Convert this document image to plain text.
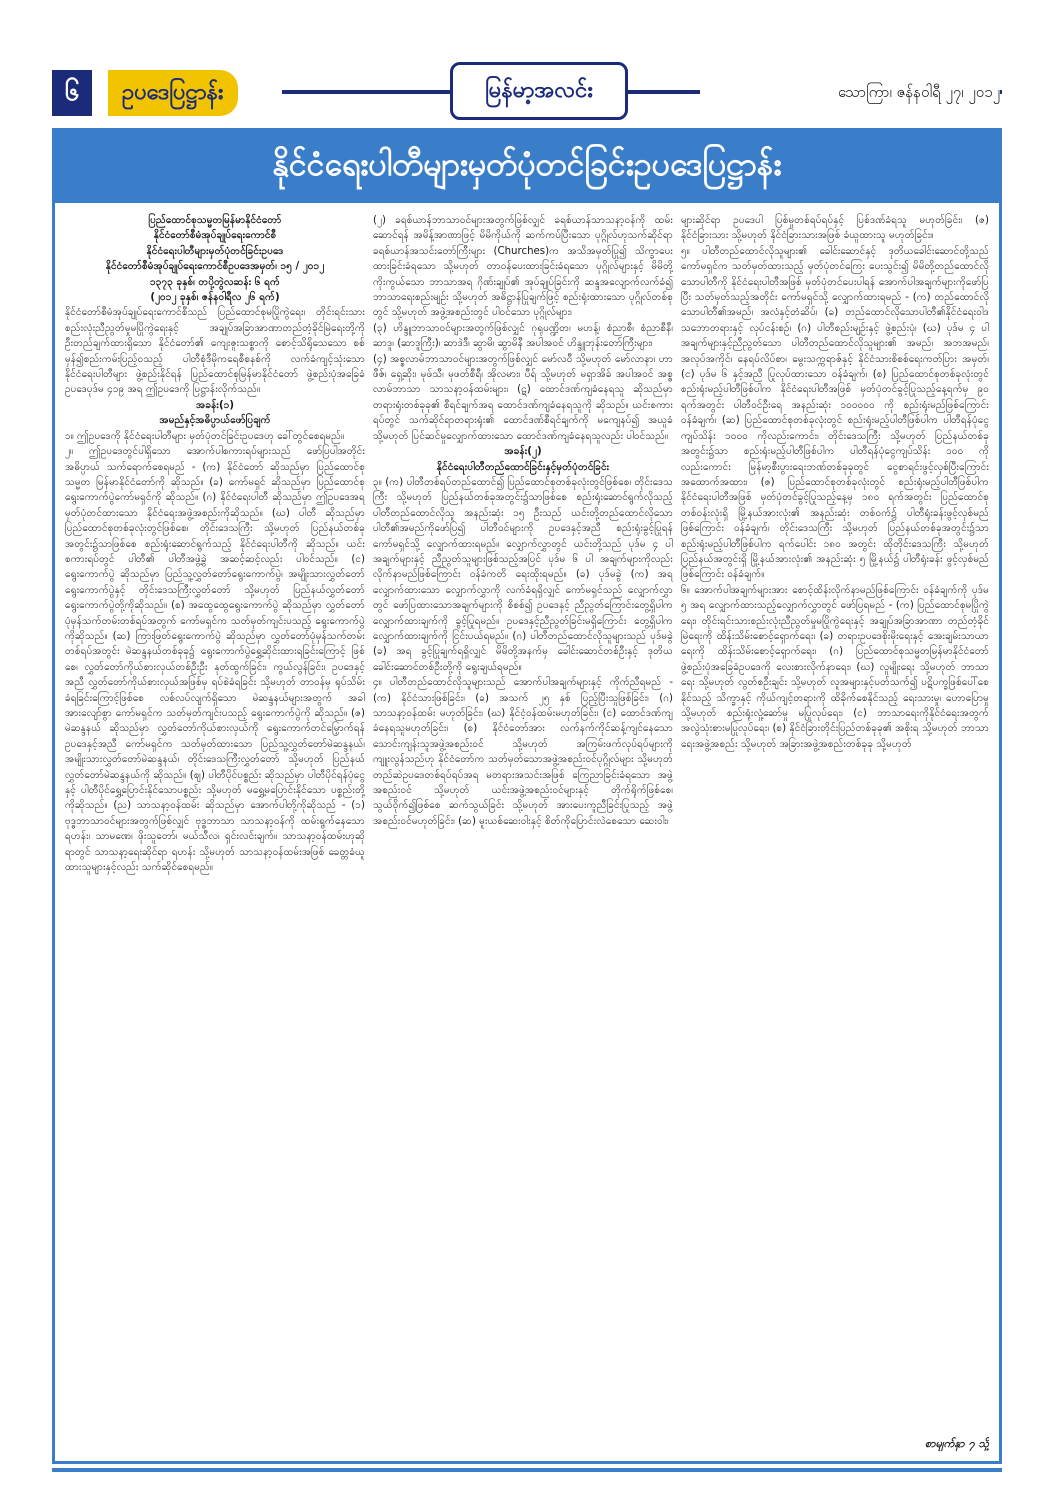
၆	ဥပဒေပြဋ္ဌာန်း	မြန်မာ့အလင်း	သောကြာ၊ ဇန်နဝါရီ ၂၇၊ ၂၀၁၂
နိုင်ငံရေးပါတီများမှတ်ပုံတင်ခြင်းဥပဒေပြဋ္ဌာန်း

ပြည်ထောင်စုသမ္မတမြန်မာနိုင်ငံတော်

နိုင်ငံတော်စီမံအုပ်ချုပ်ရေးကောင်စီ

နိုင်ငံရေးပါတီများမှတ်ပုံတင်ခြင်းဥပဒေ

နိုင်ငံတော်စီမံအုပ်ချုပ်ရေးကောင်စီဥပဒေအမှတ်၊ ၁၅ / ၂၀၁၂

၁၃၇၃ ခုနှစ်၊ တပို့တွဲလဆန်း ၆ ရက်

(၂၀၁၂ ခုနှစ်၊ ဇန်နဝါရီလ ၂၆ ရက်)

နိုင်ငံတော်စီမံအုပ်ချုပ်ရေးကောင်စီသည် ပြည်ထောင်စုမပြိုကွဲရေး၊ တိုင်းရင်းသားစည်းလုံးညီညွတ်မှုမပြိုကွဲရေးနှင့် အချုပ်အခြာအာဏာတည်တံ့ခိုင်မြဲရေးတို့ကို ဦးတည်ချက်ထားရှိသော နိုင်ငံတော်၏ ကျေးဇူးသစ္စာကို စောင့်သိရိုသေသော စစ်မှန်၍စည်းကမ်းပြည့်ဝသည့် ပါတီစုံဒီမိုကရေစီစနစ်ကို လက်ခံကျင့်သုံးသော နိုင်ငံရေးပါတီများ ဖွဲ့စည်းနိုင်ရန် ပြည်ထောင်စုမြန်မာနိုင်ငံတော် ဖွဲ့စည်းပုံအခြေခံဥပဒေပုဒ်မ ၄၁၉ အရ ဤဥပဒေကို ပြဋ္ဌာန်းလိုက်သည်။

အခန်း(၁)

အမည်နှင့်အဓိပ္ပာယ်ဖော်ပြချက်

၁။ ဤဥပဒေကို နိုင်ငံရေးပါတီများ မှတ်ပုံတင်ခြင်းဥပဒေဟု ခေါ်တွင်စေရမည်။

၂။ ဤဥပဒေတွင်ပါရှိသော အောက်ပါစကားရပ်များသည် ဖော်ပြပါအတိုင်း အဓိပ္ပာယ် သက်ရောက်စေရမည် - (က) နိုင်ငံတော် ဆိုသည်မှာ ပြည်ထောင်စုသမ္မတ မြန်မာနိုင်ငံတော်ကို ဆိုသည်။ (ခ) ကော်မရှင် ဆိုသည်မှာ ပြည်ထောင်စုရွေးကောက်ပွဲကော်မရှင်ကို ဆိုသည်။ (ဂ) နိုင်ငံရေးပါတီ ဆိုသည်မှာ ဤဥပဒေအရ မှတ်ပုံတင်ထားသော နိုင်ငံရေးအဖွဲ့အစည်းကိုဆိုသည်။ (ဃ) ပါတီ ဆိုသည်မှာ ပြည်ထောင်စုတစ်ခုလုံးတွင်ဖြစ်စေ၊ တိုင်းဒေသကြီး သို့မဟုတ် ပြည်နယ်တစ်ခုအတွင်း၌သာဖြစ်စေ စည်းရုံးဆောင်ရွက်သည့် နိုင်ငံရေးပါတီကို ဆိုသည်။ ယင်းစကားရပ်တွင် ပါတီ၏ ပါတီအဖွဲ့ခွဲ အဆင့်ဆင့်လည်း ပါဝင်သည်။ (င) ရွေးကောက်ပွဲ ဆိုသည်မှာ ပြည်သူ့လွှတ်တော်ရွေးကောက်ပွဲ၊ အမျိုးသားလွှတ်တော်ရွေးကောက်ပွဲနှင့် တိုင်းဒေသကြီးလွှတ်တော် သို့မဟုတ် ပြည်နယ်လွှတ်တော်ရွေးကောက်ပွဲတို့ကိုဆိုသည်။ (စ) အထွေထွေရွေးကောက်ပွဲ ဆိုသည်မှာ လွှတ်တော်ပုံမှန်သက်တမ်းတစ်ရပ်အတွက် ကော်မရှင်က သတ်မှတ်ကျင်းပသည့် ရွေးကောက်ပွဲကိုဆိုသည်။ (ဆ) ကြားဖြတ်ရွေးကောက်ပွဲ ဆိုသည်မှာ လွှတ်တော်ပုံမှန်သက်တမ်းတစ်ရပ်အတွင်း မဲဆန္ဒနယ်တစ်ခုခု၌ ရွေးကောက်ပွဲရွှေ့ဆိုင်းထားရခြင်းကြောင့် ဖြစ်စေ၊ လွှတ်တော်ကိုယ်စားလှယ်တစ်ဦးဦး နုတ်ထွက်ခြင်း၊ ကွယ်လွန်ခြင်း၊ ဥပဒေနှင့်အညီ လွှတ်တော်ကိုယ်စားလှယ်အဖြစ်မှ ရပ်စဲခံရခြင်း သို့မဟုတ် တာဝန်မှ ရုပ်သိမ်းခံရခြင်းကြောင့်ဖြစ်စေ လစ်လပ်လျက်ရှိသော မဲဆန္ဒနယ်များအတွက် အခါအားလျော်စွာ ကော်မရှင်က သတ်မှတ်ကျင်းပသည့် ရွေးကောက်ပွဲကို ဆိုသည်။ (ဇ) မဲဆန္ဒနယ် ဆိုသည်မှာ လွှတ်တော်ကိုယ်စားလှယ်ကို ရွေးကောက်တင်မြှောက်ရန် ဥပဒေနှင့်အညီ ကော်မရှင်က သတ်မှတ်ထားသော ပြည်သူ့လွှတ်တော်မဲဆန္ဒနယ်၊ အမျိုးသားလွှတ်တော်မဲဆန္ဒနယ်၊ တိုင်းဒေသကြီးလွှတ်တော် သို့မဟုတ် ပြည်နယ်လွှတ်တော်မဲဆန္ဒနယ်ကို ဆိုသည်။ (ဈ) ပါတီပိုင်ပစ္စည်း ဆိုသည်မှာ ပါတီပိုင်ရန်ပုံငွေနှင့် ပါတီပိုင်ရွှေ့ပြောင်းနိုင်သောပစ္စည်း သို့မဟုတ် မရွှေ့မပြောင်းနိုင်သော ပစ္စည်းတို့ကိုဆိုသည်။ (ည) သာသနာ့ဝန်ထမ်း ဆိုသည်မှာ အောက်ပါတို့ကိုဆိုသည် - (၁) ဗုဒ္ဓဘာသာဝင်များအတွက်ဖြစ်လျှင် ဗုဒ္ဓဘာသာ သာသနာ့ဝန်ကို ထမ်းရွက်နေသော ရဟန်း၊ သာမဏေ၊ ဖိုးသူတော်၊ မယ်သီလ၊ ရှင်းလင်းချက်။ သာသနာ့ဝန်ထမ်းဟုဆိုရာတွင် သာသနာ့ရေးဆိုင်ရာ ရဟန်း သို့မဟုတ် သာသနာ့ဝန်ထမ်းအဖြစ် ခေတ္တခံယူထားသူများနှင့်လည်း သက်ဆိုင်စေရမည်။

(၂) ခရစ်ယာန်ဘာသာဝင်များအတွက်ဖြစ်လျှင် ခရစ်ယာန်သာသနာ့ဝန်ကို ထမ်းဆောင်ရန် အမိန့်အာဏာဖြင့် မိမိကိုယ်ကို ဆက်ကပ်ပြီးသော ပုဂ္ဂိုလ်ဟုသက်ဆိုင်ရာ ခရစ်ယာန်အသင်းတော်ကြီးများ (Churches)က အသိအမှတ်ပြု၍ သိက္ခာပေးထားခြင်းခံရသော သို့မဟုတ် တာဝန်ပေးထားခြင်းခံရသော ပုဂ္ဂိုလ်များနှင့် မိမိတို့ကိုးကွယ်သော ဘာသာအရ ဂိုဏ်းချုပ်၏ အုပ်ချုပ်ခြင်းကို ဆန္ဒအလျောက်လက်ခံ၍ ဘာသာရေးစည်းမျဉ်း သို့မဟုတ် အဓိဋ္ဌာန်ပြုချက်ဖြင့် စည်းရုံးထားသော ပုဂ္ဂိုလ်တစ်စုတွင် သို့မဟုတ် အဖွဲ့အစည်းတွင် ပါဝင်သော ပုဂ္ဂိုလ်များ၊

(၃) ဟိန္ဒူဘာသာဝင်များအတွက်ဖြစ်လျှင် ဂုရုပဏ္ဍိတ၊ မဟန့်၊ စံညာစီ၊ စံညာစီနီ၊ ဆာဒူ၊ (ဆာဒူကြီး)၊ ဆာဒဲဒီ၊ ဆွာမိ၊ ဆွာမိနီ အပါအဝင် ဟိန္ဒူဘုန်းတော်ကြီးများ၊

(၄) အစ္စလာမ်ဘာသာဝင်များအတွက်ဖြစ်လျှင် မော်လဝီ သို့မဟုတ် မော်လာနာ၊ ဟာဖီဇ်၊ ရှေ့ဆိုး၊ မုဖ်သီ၊ မုဖတ်စီရီ၊ အိုလမား၊ ပီရ် သို့မဟုတ် မရှာအိခ် အပါအဝင် အစ္စလာမ်ဘာသာ သာသနာ့ဝန်ထမ်းများ၊ (ဋ) ထောင်ဒဏ်ကျခံနေရသူ ဆိုသည်မှာ တရားရုံးတစ်ခုခု၏ စီရင်ချက်အရ ထောင်ဒဏ်ကျခံနေရသူကို ဆိုသည်။ ယင်းစကားရပ်တွင် သက်ဆိုင်ရာတရားရုံး၏ ထောင်ဒဏ်စီရင်ချက်ကို မကျေနပ်၍ အယူခံ သို့မဟုတ် ပြင်ဆင်မှုလျှောက်ထားသော ထောင်ဒဏ်ကျခံနေရသူလည်း ပါဝင်သည်။

အခန်း(၂)

နိုင်ငံရေးပါတီတည်ထောင်ခြင်းနှင့်မှတ်ပုံတင်ခြင်း

၃။ (က) ပါတီတစ်ရပ်တည်ထောင်၍ ပြည်ထောင်စုတစ်ခုလုံးတွင်ဖြစ်စေ၊ တိုင်းဒေသကြီး သို့မဟုတ် ပြည်နယ်တစ်ခုအတွင်း၌သာဖြစ်စေ စည်းရုံးဆောင်ရွက်လိုသည့် ပါတီတည်ထောင်လိုသူ အနည်းဆုံး ၁၅ ဦးသည် ယင်းတို့တည်ထောင်လိုသော ပါတီ၏အမည်ကိုဖော်ပြ၍ ပါတီဝင်များကို ဥပဒေနှင့်အညီ စည်းရုံးခွင့်ပြုရန် ကော်မရှင်သို့ လျှောက်ထားရမည်။ လျှောက်လွှာတွင် ယင်းတို့သည် ပုဒ်မ ၄ ပါ အချက်များနှင့် ညီညွတ်သူများဖြစ်သည့်အပြင် ပုဒ်မ ၆ ပါ အချက်များကိုလည်း လိုက်နာမည်ဖြစ်ကြောင်း ဝန်ခံကတိ ရေးထိုးရမည်။ (ခ) ပုဒ်မခွဲ (က) အရ လျှောက်ထားသော လျှောက်လွှာကို လက်ခံရရှိလျှင် ကော်မရှင်သည် လျှောက်လွှာတွင် ဖော်ပြထားသောအချက်များကို စိစစ်၍ ဥပဒေနှင့် ညီညွတ်ကြောင်းတွေ့ရှိပါက လျှောက်ထားချက်ကို ခွင့်ပြုရမည်။ ဥပဒေနှင့်ညီညွတ်ခြင်းမရှိကြောင်း တွေ့ရှိပါက လျှောက်ထားချက်ကို ငြင်းပယ်ရမည်။ (ဂ) ပါတီတည်ထောင်လိုသူများသည် ပုဒ်မခွဲ (ခ) အရ ခွင့်ပြုချက်ရရှိလျှင် မိမိတို့အနက်မှ ခေါင်းဆောင်တစ်ဦးနှင့် ဒုတိယခေါင်းဆောင်တစ်ဦးတို့ကို ရွေးချယ်ရမည်။

၄။ ပါတီတည်ထောင်လိုသူများသည် အောက်ပါအချက်များနှင့် ကိုက်ညီရမည် - (က) နိုင်ငံသားဖြစ်ခြင်း၊ (ခ) အသက် ၂၅ နှစ် ပြည့်ပြီးသူဖြစ်ခြင်း၊ (ဂ) သာသနာ့ဝန်ထမ်း မဟုတ်ခြင်း၊ (ဃ) နိုင်ငံ့ဝန်ထမ်းမဟုတ်ခြင်း၊ (င) ထောင်ဒဏ်ကျခံနေရသူမဟုတ်ခြင်း၊ (စ) နိုင်ငံတော်အား လက်နက်ကိုင်ဆန့်ကျင်နေသော သောင်းကျန်းသူအဖွဲ့အစည်းဝင် သို့မဟုတ် အကြမ်းဖက်လုပ်ရပ်များကို ကျူးလွန်သည်ဟု နိုင်ငံတော်က သတ်မှတ်သောအဖွဲ့အစည်းဝင်ပုဂ္ဂိုလ်များ သို့မဟုတ် တည်ဆဲဥပဒေတစ်ရပ်ရပ်အရ မတရားအသင်းအဖြစ် ကြေညာခြင်းခံရသော အဖွဲ့အစည်းဝင် သို့မဟုတ် ယင်းအဖွဲ့အစည်းဝင်များနှင့် တိုက်ရိုက်ဖြစ်စေ၊ သွယ်ဝိုက်၍ဖြစ်စေ ဆက်သွယ်ခြင်း သို့မဟုတ် အားပေးကူညီခြင်းပြုသည့် အဖွဲ့အစည်းဝင်မဟုတ်ခြင်း၊ (ဆ) မူးယစ်ဆေးဝါးနှင့် စိတ်ကိုပြောင်းလဲစေသော ဆေးဝါး၊

များဆိုင်ရာ ဥပဒေပါ ပြစ်မှုတစ်ရပ်ရပ်နှင့် ပြစ်ဒဏ်ခံရသူ မဟုတ်ခြင်း၊ (ဇ) နိုင်ငံခြားသား သို့မဟုတ် နိုင်ငံခြားသားအဖြစ် ခံယူထားသူ မဟုတ်ခြင်း။

၅။ ပါတီတည်ထောင်လိုသူများ၏ ခေါင်းဆောင်နှင့် ဒုတိယခေါင်းဆောင်တို့သည် ကော်မရှင်က သတ်မှတ်ထားသည့် မှတ်ပုံတင်ကြေး ပေးသွင်း၍ မိမိတို့တည်ထောင်လိုသောပါတီကို နိုင်ငံရေးပါတီအဖြစ် မှတ်ပုံတင်ပေးပါရန် အောက်ပါအချက်များကိုဖော်ပြပြီး သတ်မှတ်သည့်အတိုင်း ကော်မရှင်သို့ လျှောက်ထားရမည် - (က) တည်ထောင်လိုသောပါတီ၏အမည်၊ အလံနှင့်တံဆိပ်၊ (ခ) တည်ထောင်လိုသောပါတီ၏နိုင်ငံရေးဝါဒသဘောတရားနှင့် လုပ်ငန်းစဉ်၊ (ဂ) ပါတီစည်းမျဉ်းနှင့် ဖွဲ့စည်းပုံ၊ (ဃ) ပုဒ်မ ၄ ပါအချက်များနှင့်ညီညွတ်သော ပါတီတည်ထောင်လိုသူများ၏ အမည်၊ အဘအမည်၊ အလုပ်အကိုင်၊ နေရပ်လိပ်စာ၊ မွေးသက္ကရာဇ်နှင့် နိုင်ငံသားစိစစ်ရေးကတ်ပြား အမှတ်၊ (င) ပုဒ်မ ၆ နှင့်အညီ ပြုလုပ်ထားသော ဝန်ခံချက်၊ (စ) ပြည်ထောင်စုတစ်ခုလုံးတွင် စည်းရုံးမည့်ပါတီဖြစ်ပါက နိုင်ငံရေးပါတီအဖြစ် မှတ်ပုံတင်ခွင့်ပြုသည့်နေ့ရက်မှ ၉၀ ရက်အတွင်း ပါတီဝင်ဦးရေ အနည်းဆုံး ၁၀၀၀၀၀ ကို စည်းရုံးမည်ဖြစ်ကြောင်း ဝန်ခံချက်၊ (ဆ) ပြည်ထောင်စုတစ်ခုလုံးတွင် စည်းရုံးမည့်ပါတီဖြစ်ပါက ပါတီရန်ပုံငွေကျပ်သိန်း ၁၀၀၀ ကိုလည်းကောင်း၊ တိုင်းဒေသကြီး သို့မဟုတ် ပြည်နယ်တစ်ခုအတွင်း၌သာ စည်းရုံးမည့်ပါတီဖြစ်ပါက ပါတီရန်ပုံငွေကျပ်သိန်း ၁၀၀ ကိုလည်းကောင်း မြန်မာ့စီးပွားရေးဘဏ်တစ်ခုခုတွင် ငွေစာရင်းဖွင့်လှစ်ပြီးကြောင်း အထောက်အထား၊ (ဇ) ပြည်ထောင်စုတစ်ခုလုံးတွင် စည်းရုံးမည့်ပါတီဖြစ်ပါက နိုင်ငံရေးပါတီအဖြစ် မှတ်ပုံတင်ခွင့်ပြုသည့်နေ့မှ ၁၈၀ ရက်အတွင်း ပြည်ထောင်စုတစ်ဝန်းလုံးရှိ မြို့နယ်အားလုံး၏ အနည်းဆုံး တစ်ဝက်၌ ပါတီရုံးခန်းဖွင့်လှစ်မည်ဖြစ်ကြောင်း ဝန်ခံချက်၊ တိုင်းဒေသကြီး သို့မဟုတ် ပြည်နယ်တစ်ခုအတွင်း၌သာ စည်းရုံးမည့်ပါတီဖြစ်ပါက ရက်ပေါင်း ၁၈၀ အတွင်း ထိုတိုင်းဒေသကြီး သို့မဟုတ် ပြည်နယ်အတွင်းရှိ မြို့နယ်အားလုံး၏ အနည်းဆုံး ၅ မြို့နယ်၌ ပါတီရုံးခန်း ဖွင့်လှစ်မည်ဖြစ်ကြောင်း ဝန်ခံချက်။

၆။ အောက်ပါအချက်များအား စောင့်ထိန်းလိုက်နာမည်ဖြစ်ကြောင်း ဝန်ခံချက်ကို ပုဒ်မ ၅ အရ လျှောက်ထားသည့်လျှောက်လွှာတွင် ဖော်ပြရမည် - (က) ပြည်ထောင်စုမပြိုကွဲရေး၊ တိုင်းရင်းသားစည်းလုံးညီညွတ်မှုမပြိုကွဲရေးနှင့် အချုပ်အခြာအာဏာ တည်တံ့ခိုင်မြဲရေးကို ထိန်းသိမ်းစောင့်ရှောက်ရေး၊ (ခ) တရားဥပဒေစိုးမိုးရေးနှင့် အေးချမ်းသာယာရေးကို ထိန်းသိမ်းစောင့်ရှောက်ရေး၊ (ဂ) ပြည်ထောင်စုသမ္မတမြန်မာနိုင်ငံတော် ဖွဲ့စည်းပုံအခြေခံဥပဒေကို လေးစားလိုက်နာရေး၊ (ဃ) လူမျိုးရေး သို့မဟုတ် ဘာသာရေး သို့မဟုတ် လွတ်စဦးချင်း သို့မဟုတ် လူအများနှင့်ပတ်သက်၍ ပဋိပက္ခဖြစ်ပေါ်စေနိုင်သည့် သိက္ခာနှင့် ကိုယ်ကျင့်တရားကို ထိခိုက်စေနိုင်သည့် ရေးသားမှု၊ ဟောပြောမှု သို့မဟုတ် စည်းရုံးလှုံ့ဆော်မှု မပြုလုပ်ရေး၊ (င) ဘာသာရေးကိုနိုင်ငံရေးအတွက် အလွဲသုံးစားမပြုလုပ်ရေး၊ (စ) နိုင်ငံခြားတိုင်းပြည်တစ်ခုခု၏ အစိုးရ သို့မဟုတ် ဘာသာရေးအဖွဲ့အစည်း သို့မဟုတ် အခြားအဖွဲ့အစည်းတစ်ခုခု သို့မဟုတ်

စာမျက်နှာ ၇ သို့
